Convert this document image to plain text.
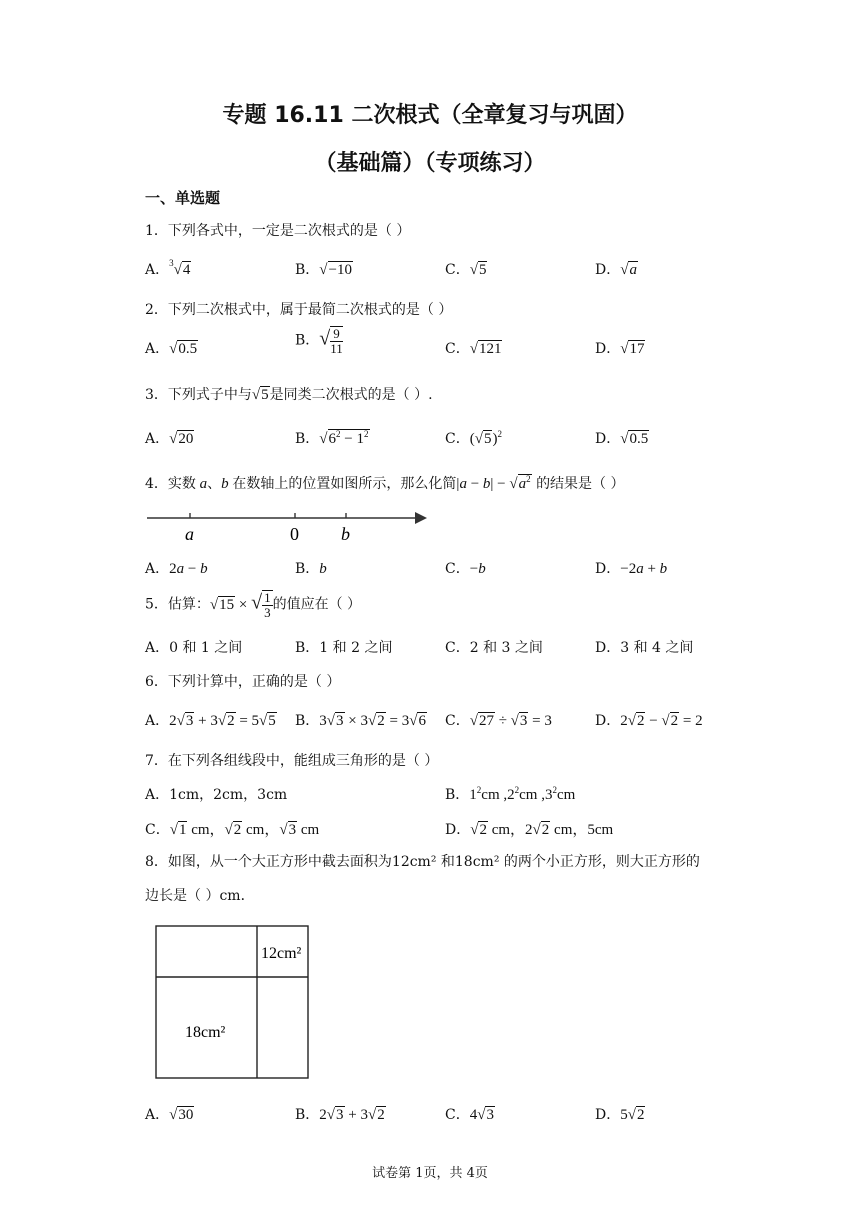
专题 16.11 二次根式（全章复习与巩固）
（基础篇）（专项练习）
一、单选题
1．下列各式中，一定是二次根式的是（ ）
A．$^3$√4	B．√−10	C．√5	D．√a
2．下列二次根式中，属于最简二次根式的是（ ）
A．√0.5
B．√ $\frac{9}{11}$	C．√121	D．√17
3．下列式子中与√5是同类二次根式的是（ ）.
A．√20	B．$√6^2 - 1^2$	C．$(√5)^2$	D．√0.5
4．实数 a、b 在数轴上的位置如图所示，那么化简$|a - b| - √a^2$ 的结果是（ ）
a	0 b
A．2a − b	B．b	C．−b	D．−2a + b
5．估算：√15 × √ $\frac{1}{3}$ 的值应在（ ）
A．0 和 1 之间	B．1 和 2 之间	C．2 和 3 之间	D．3 和 4 之间
6．下列计算中，正确的是（ ）
A．2√3 + 3√2 = 5√5 B．3√3 × 3√2 = 3√6 C．√27 ÷ √3 = 3	D．2√2 − √2 = 2
7．在下列各组线段中，能组成三角形的是（ ）
A．1cm，2cm，3cm	B．$1^2cm$ $,2^2cm$ $,3^2cm$
C．√1 cm，√2 cm，√3 cm	D．√2 cm，2√2 cm，5cm
8．如图，从一个大正方形中截去面积为12cm² 和18cm² 的两个小正方形，则大正方形的
边长是（ ）cm．
12cm²
18cm²
A．√30	B．2√3 + 3√2	C．4√3	D．5√2
试卷第 1页，共 4页
